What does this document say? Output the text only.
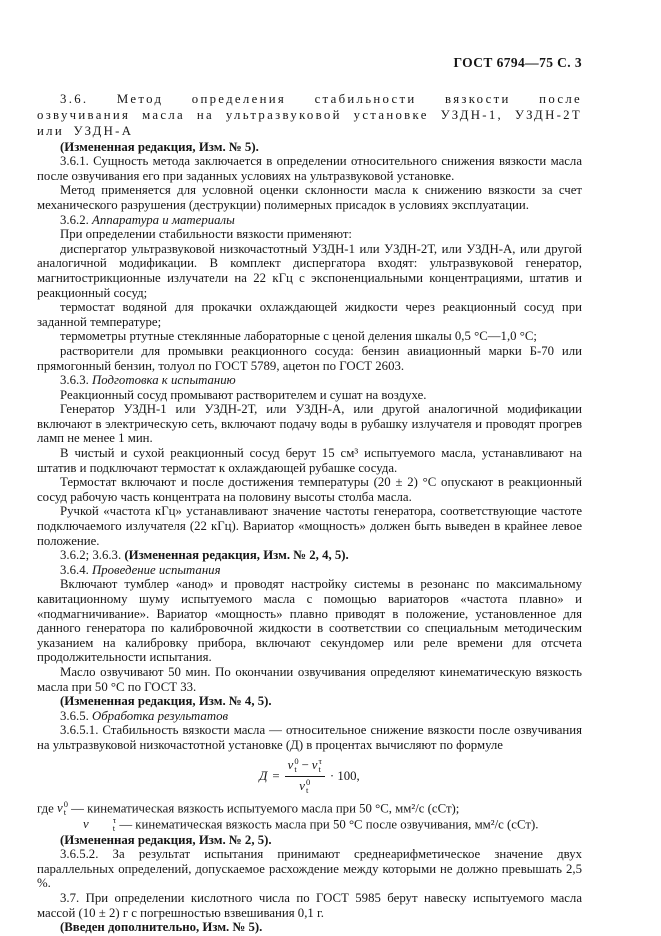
ГОСТ 6794—75 С. 3

3.6. Метод определения стабильности вязкости после озвучивания масла на ультразвуковой установке УЗДН-1, УЗДН-2Т или УЗДН-А

(Измененная редакция, Изм. № 5).

3.6.1. Сущность метода заключается в определении относительного снижения вязкости масла после озвучивания его при заданных условиях на ультразвуковой установке.

Метод применяется для условной оценки склонности масла к снижению вязкости за счет механического разрушения (деструкции) полимерных присадок в условиях эксплуатации.

3.6.2. Аппаратура и материалы

При определении стабильности вязкости применяют:

диспергатор ультразвуковой низкочастотный УЗДН-1 или УЗДН-2Т, или УЗДН-А, или другой аналогичной модификации. В комплект диспергатора входят: ультразвуковой генератор, магнитострикционные излучатели на 22 кГц с экспоненциальными концентрациями, штатив и реакционный сосуд;

термостат водяной для прокачки охлаждающей жидкости через реакционный сосуд при заданной температуре;

термометры ртутные стеклянные лабораторные с ценой деления шкалы 0,5 °С—1,0 °С;

растворители для промывки реакционного сосуда: бензин авиационный марки Б-70 или прямогонный бензин, толуол по ГОСТ 5789, ацетон по ГОСТ 2603.

3.6.3. Подготовка к испытанию

Реакционный сосуд промывают растворителем и сушат на воздухе.

Генератор УЗДН-1 или УЗДН-2Т, или УЗДН-А, или другой аналогичной модификации включают в электрическую сеть, включают подачу воды в рубашку излучателя и проводят прогрев ламп не менее 1 мин.

В чистый и сухой реакционный сосуд берут 15 см³ испытуемого масла, устанавливают на штатив и подключают термостат к охлаждающей рубашке сосуда.

Термостат включают и после достижения температуры (20 ± 2) °С опускают в реакционный сосуд рабочую часть концентрата на половину высоты столба масла.

Ручкой «частота кГц» устанавливают значение частоты генератора, соответствующие частоте подключаемого излучателя (22 кГц). Вариатор «мощность» должен быть выведен в крайнее левое положение.

3.6.2; 3.6.3. (Измененная редакция, Изм. № 2, 4, 5).

3.6.4. Проведение испытания

Включают тумблер «анод» и проводят настройку системы в резонанс по максимальному кавитационному шуму испытуемого масла с помощью вариаторов «частота плавно» и «подмагничивание». Вариатор «мощность» плавно приводят в положение, установленное для данного генератора по калибровочной жидкости в соответствии со специальным методическим указанием на калибровку прибора, включают секундомер или реле времени для отсчета продолжительности испытания.

Масло озвучивают 50 мин. По окончании озвучивания определяют кинематическую вязкость масла при 50 °С по ГОСТ 33.

(Измененная редакция, Изм. № 4, 5).

3.6.5. Обработка результатов

3.6.5.1. Стабильность вязкости масла — относительное снижение вязкости после озвучивания на ультразвуковой низкочастотной установке (Д) в процентах вычисляют по формуле

Д = ν 0
t − ν τ
t
ν 0
t · 100,

где ν 0
t — кинематическая вязкость испытуемого масла при 50 °С, мм²/с (сСт);

ν	τ
t — кинематическая вязкость масла при 50 °С после озвучивания, мм²/с (сСт).

(Измененная редакция, Изм. № 2, 5).

3.6.5.2. За результат испытания принимают среднеарифметическое значение двух параллельных определений, допускаемое расхождение между которыми не должно превышать 2,5 %.

3.7. При определении кислотного числа по ГОСТ 5985 берут навеску испытуемого масла массой (10 ± 2) г с погрешностью взвешивания 0,1 г.

(Введен дополнительно, Изм. № 5).
